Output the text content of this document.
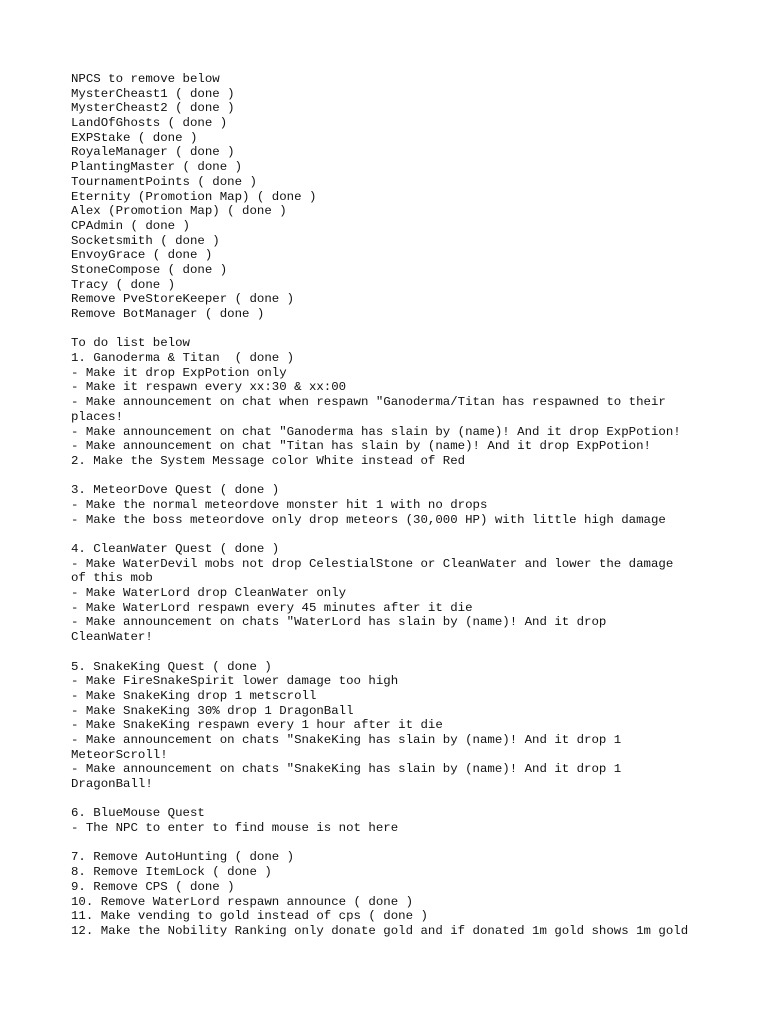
NPCS to remove below
MysterCheast1 ( done )
MysterCheast2 ( done )
LandOfGhosts ( done )
EXPStake ( done )
RoyaleManager ( done )
PlantingMaster ( done )
TournamentPoints ( done )
Eternity (Promotion Map) ( done )
Alex (Promotion Map) ( done )
CPAdmin ( done )
Socketsmith ( done )
EnvoyGrace ( done )
StoneCompose ( done )
Tracy ( done )
Remove PveStoreKeeper ( done )
Remove BotManager ( done )
To do list below
1. Ganoderma & Titan  ( done )
- Make it drop ExpPotion only
- Make it respawn every xx:30 & xx:00
- Make announcement on chat when respawn "Ganoderma/Titan has respawned to their
places!
- Make announcement on chat "Ganoderma has slain by (name)! And it drop ExpPotion!
- Make announcement on chat "Titan has slain by (name)! And it drop ExpPotion!
2. Make the System Message color White instead of Red
3. MeteorDove Quest ( done )
- Make the normal meteordove monster hit 1 with no drops
- Make the boss meteordove only drop meteors (30,000 HP) with little high damage
4. CleanWater Quest ( done )
- Make WaterDevil mobs not drop CelestialStone or CleanWater and lower the damage
of this mob
- Make WaterLord drop CleanWater only
- Make WaterLord respawn every 45 minutes after it die
- Make announcement on chats "WaterLord has slain by (name)! And it drop
CleanWater!
5. SnakeKing Quest ( done )
- Make FireSnakeSpirit lower damage too high
- Make SnakeKing drop 1 metscroll
- Make SnakeKing 30% drop 1 DragonBall
- Make SnakeKing respawn every 1 hour after it die
- Make announcement on chats "SnakeKing has slain by (name)! And it drop 1
MeteorScroll!
- Make announcement on chats "SnakeKing has slain by (name)! And it drop 1
DragonBall!
6. BlueMouse Quest
- The NPC to enter to find mouse is not here
7. Remove AutoHunting ( done )
8. Remove ItemLock ( done )
9. Remove CPS ( done )
10. Remove WaterLord respawn announce ( done )
11. Make vending to gold instead of cps ( done )
12. Make the Nobility Ranking only donate gold and if donated 1m gold shows 1m gold
